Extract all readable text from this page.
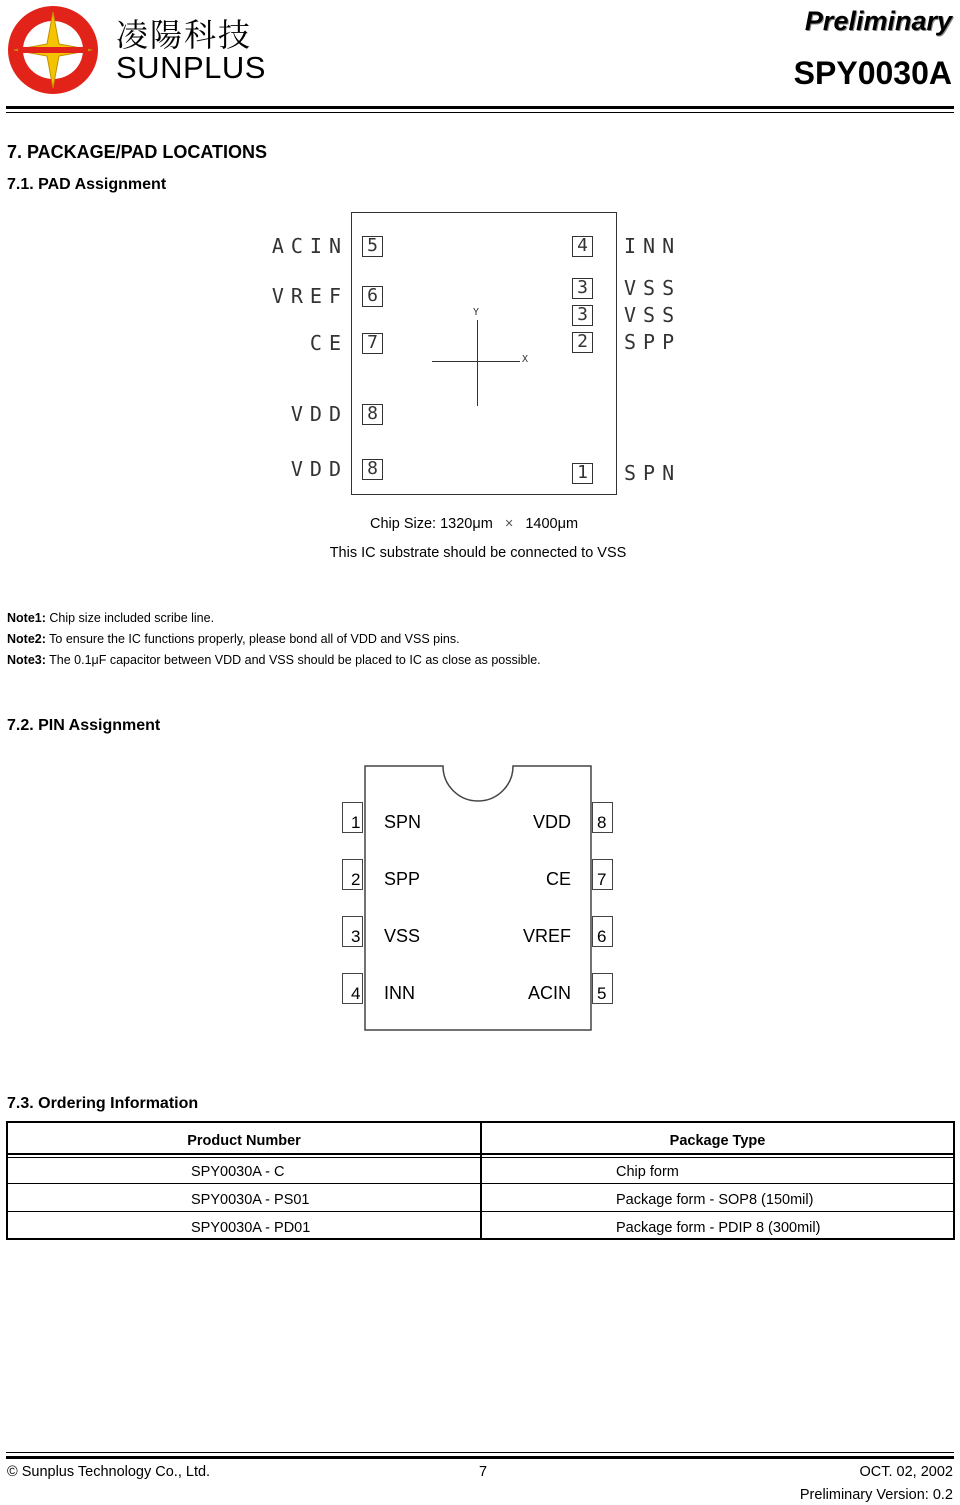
凌陽科技
SUNPLUS
Preliminary
SPY0030A
7. PACKAGE/PAD LOCATIONS
7.1. PAD Assignment
ACIN 5
VREF 6
CE 7
VDD 8
VDD 8
4 INN
3 VSS
3 VSS
2 SPP
1 SPN
X
Y
Chip Size: 1320μm × 1400μm
This IC substrate should be connected to VSS
Note1: Chip size included scribe line.
Note2: To ensure the IC functions properly, please bond all of VDD and VSS pins.
Note3: The 0.1μF capacitor between VDD and VSS should be placed to IC as close as possible.
7.2. PIN Assignment
1
2
3
4
SPN
SPP
VSS
INN
8
7
6
5
VDD
CE
VREF
ACIN
7.3. Ordering Information
Product Number	Package Type
SPY0030A - C	Chip form
SPY0030A - PS01	Package form - SOP8 (150mil)
SPY0030A - PD01	Package form - PDIP 8 (300mil)
© Sunplus Technology Co., Ltd.	7	OCT. 02, 2002
Preliminary Version: 0.2
